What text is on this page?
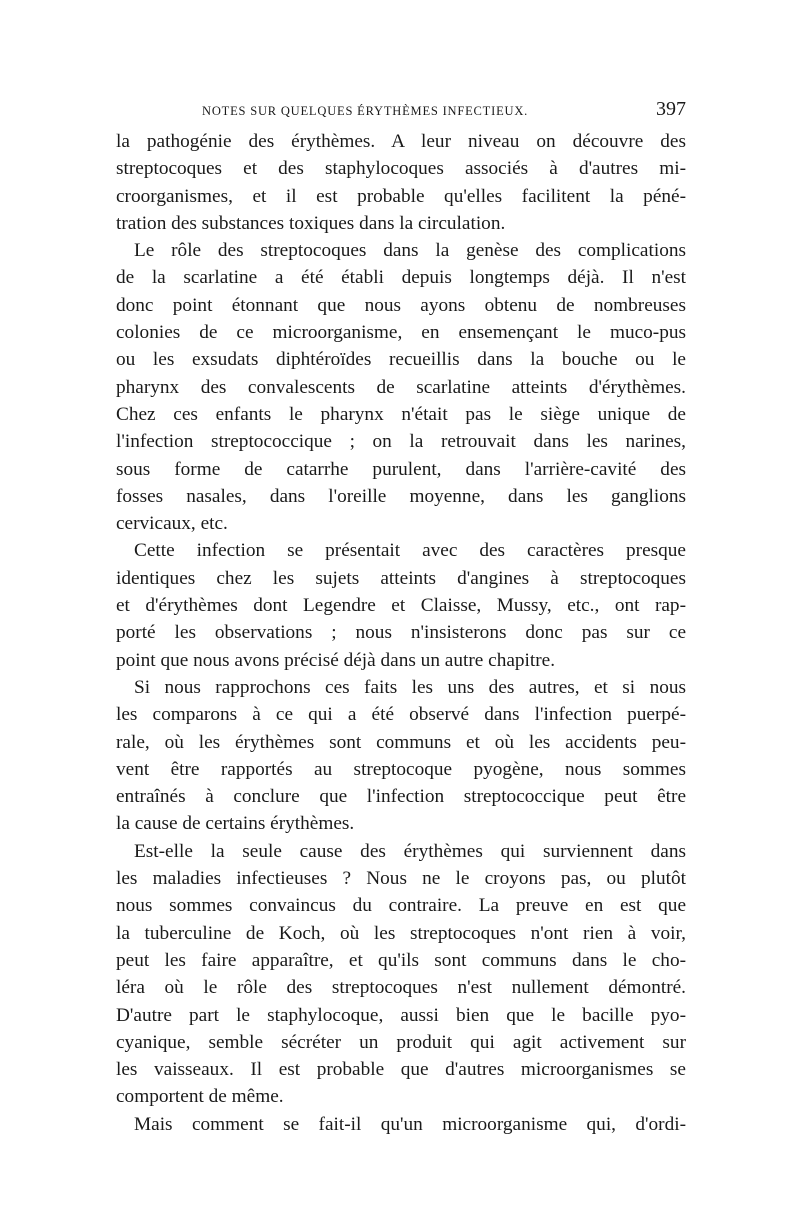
NOTES SUR QUELQUES ÉRYTHÈMES INFECTIEUX.	397
la pathogénie des érythèmes. A leur niveau on découvre des
streptocoques et des staphylocoques associés à d'autres mi-
croorganismes, et il est probable qu'elles facilitent la péné-
tration des substances toxiques dans la circulation.
Le rôle des streptocoques dans la genèse des complications
de la scarlatine a été établi depuis longtemps déjà. Il n'est
donc point étonnant que nous ayons obtenu de nombreuses
colonies de ce microorganisme, en ensemençant le muco-pus
ou les exsudats diphtéroïdes recueillis dans la bouche ou le
pharynx des convalescents de scarlatine atteints d'érythèmes.
Chez ces enfants le pharynx n'était pas le siège unique de
l'infection streptococcique ; on la retrouvait dans les narines,
sous forme de catarrhe purulent, dans l'arrière-cavité des
fosses nasales, dans l'oreille moyenne, dans les ganglions
cervicaux, etc.
Cette infection se présentait avec des caractères presque
identiques chez les sujets atteints d'angines à streptocoques
et d'érythèmes dont Legendre et Claisse, Mussy, etc., ont rap-
porté les observations ; nous n'insisterons donc pas sur ce
point que nous avons précisé déjà dans un autre chapitre.
Si nous rapprochons ces faits les uns des autres, et si nous
les comparons à ce qui a été observé dans l'infection puerpé-
rale, où les érythèmes sont communs et où les accidents peu-
vent être rapportés au streptocoque pyogène, nous sommes
entraînés à conclure que l'infection streptococcique peut être
la cause de certains érythèmes.
Est-elle la seule cause des érythèmes qui surviennent dans
les maladies infectieuses ? Nous ne le croyons pas, ou plutôt
nous sommes convaincus du contraire. La preuve en est que
la tuberculine de Koch, où les streptocoques n'ont rien à voir,
peut les faire apparaître, et qu'ils sont communs dans le cho-
léra où le rôle des streptocoques n'est nullement démontré.
D'autre part le staphylocoque, aussi bien que le bacille pyo-
cyanique, semble sécréter un produit qui agit activement sur
les vaisseaux. Il est probable que d'autres microorganismes se
comportent de même.
Mais comment se fait-il qu'un microorganisme qui, d'ordi-
